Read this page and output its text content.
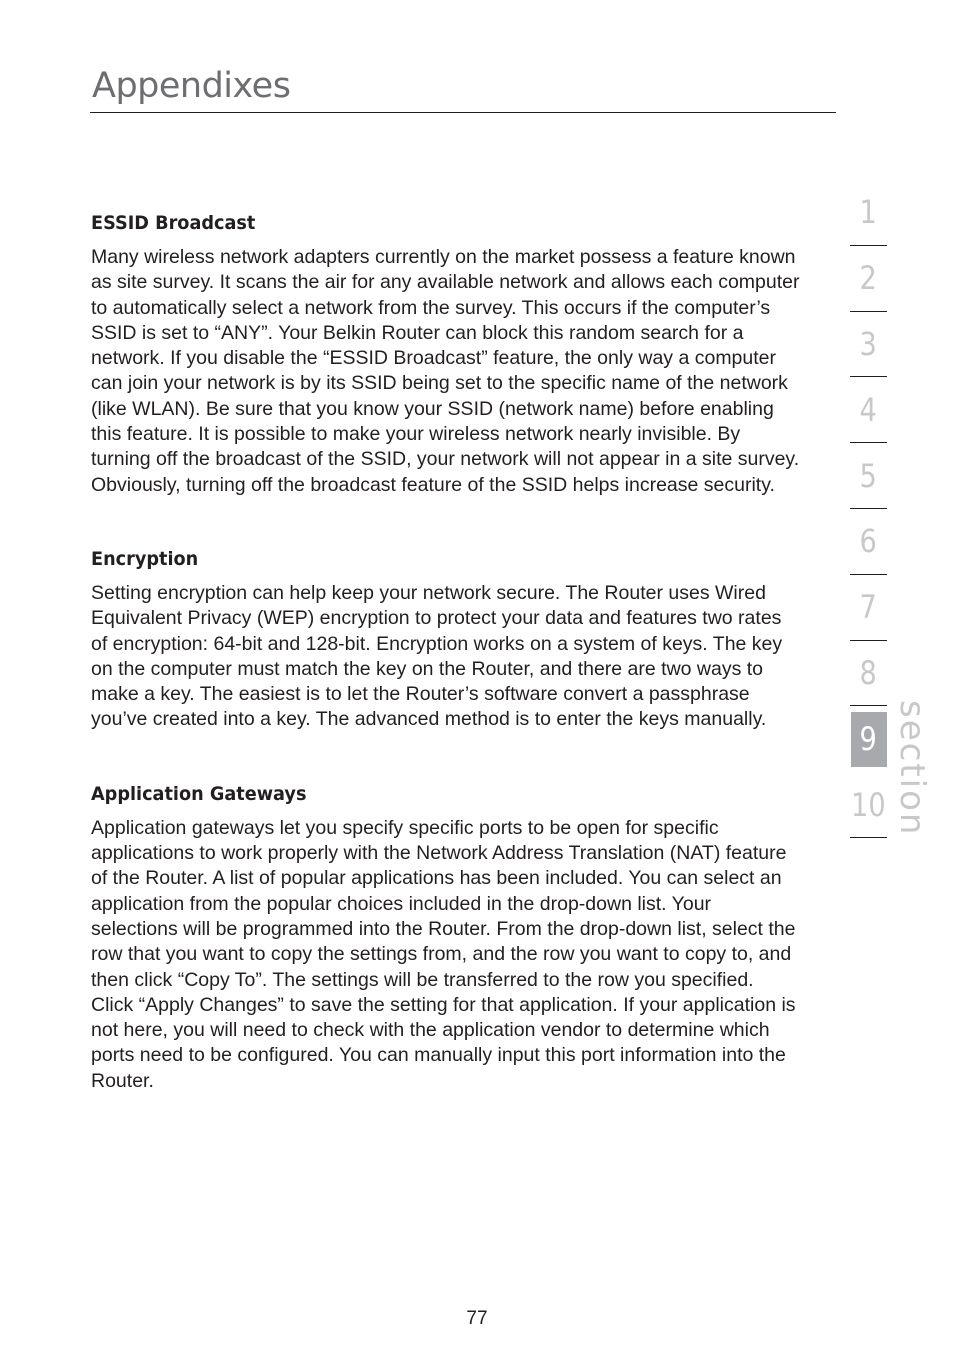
Appendixes
ESSID Broadcast

Many wireless network adapters currently on the market possess a feature known as site survey. It scans the air for any available network and allows each computer to automatically select a network from the survey. This occurs if the computer’s SSID is set to “ANY”. Your Belkin Router can block this random search for a network. If you disable the “ESSID Broadcast” feature, the only way a computer can join your network is by its SSID being set to the specific name of the network (like WLAN). Be sure that you know your SSID (network name) before enabling this feature. It is possible to make your wireless network nearly invisible. By turning off the broadcast of the SSID, your network will not appear in a site survey. Obviously, turning off the broadcast feature of the SSID helps increase security.

Encryption

Setting encryption can help keep your network secure. The Router uses Wired Equivalent Privacy (WEP) encryption to protect your data and features two rates of encryption: 64-bit and 128-bit. Encryption works on a system of keys. The key on the computer must match the key on the Router, and there are two ways to make a key. The easiest is to let the Router’s software convert a passphrase you’ve created into a key. The advanced method is to enter the keys manually.

Application Gateways

Application gateways let you specify specific ports to be open for specific applications to work properly with the Network Address Translation (NAT) feature of the Router. A list of popular applications has been included. You can select an application from the popular choices included in the drop-down list. Your selections will be programmed into the Router. From the drop-down list, select the row that you want to copy the settings from, and the row you want to copy to, and then click “Copy To”. The settings will be transferred to the row you specified. Click “Apply Changes” to save the setting for that application. If your application is not here, you will need to check with the application vendor to determine which ports need to be configured. You can manually input this port information into the Router.

1
2
3
4
5
6
7
8
9
10 section
77
